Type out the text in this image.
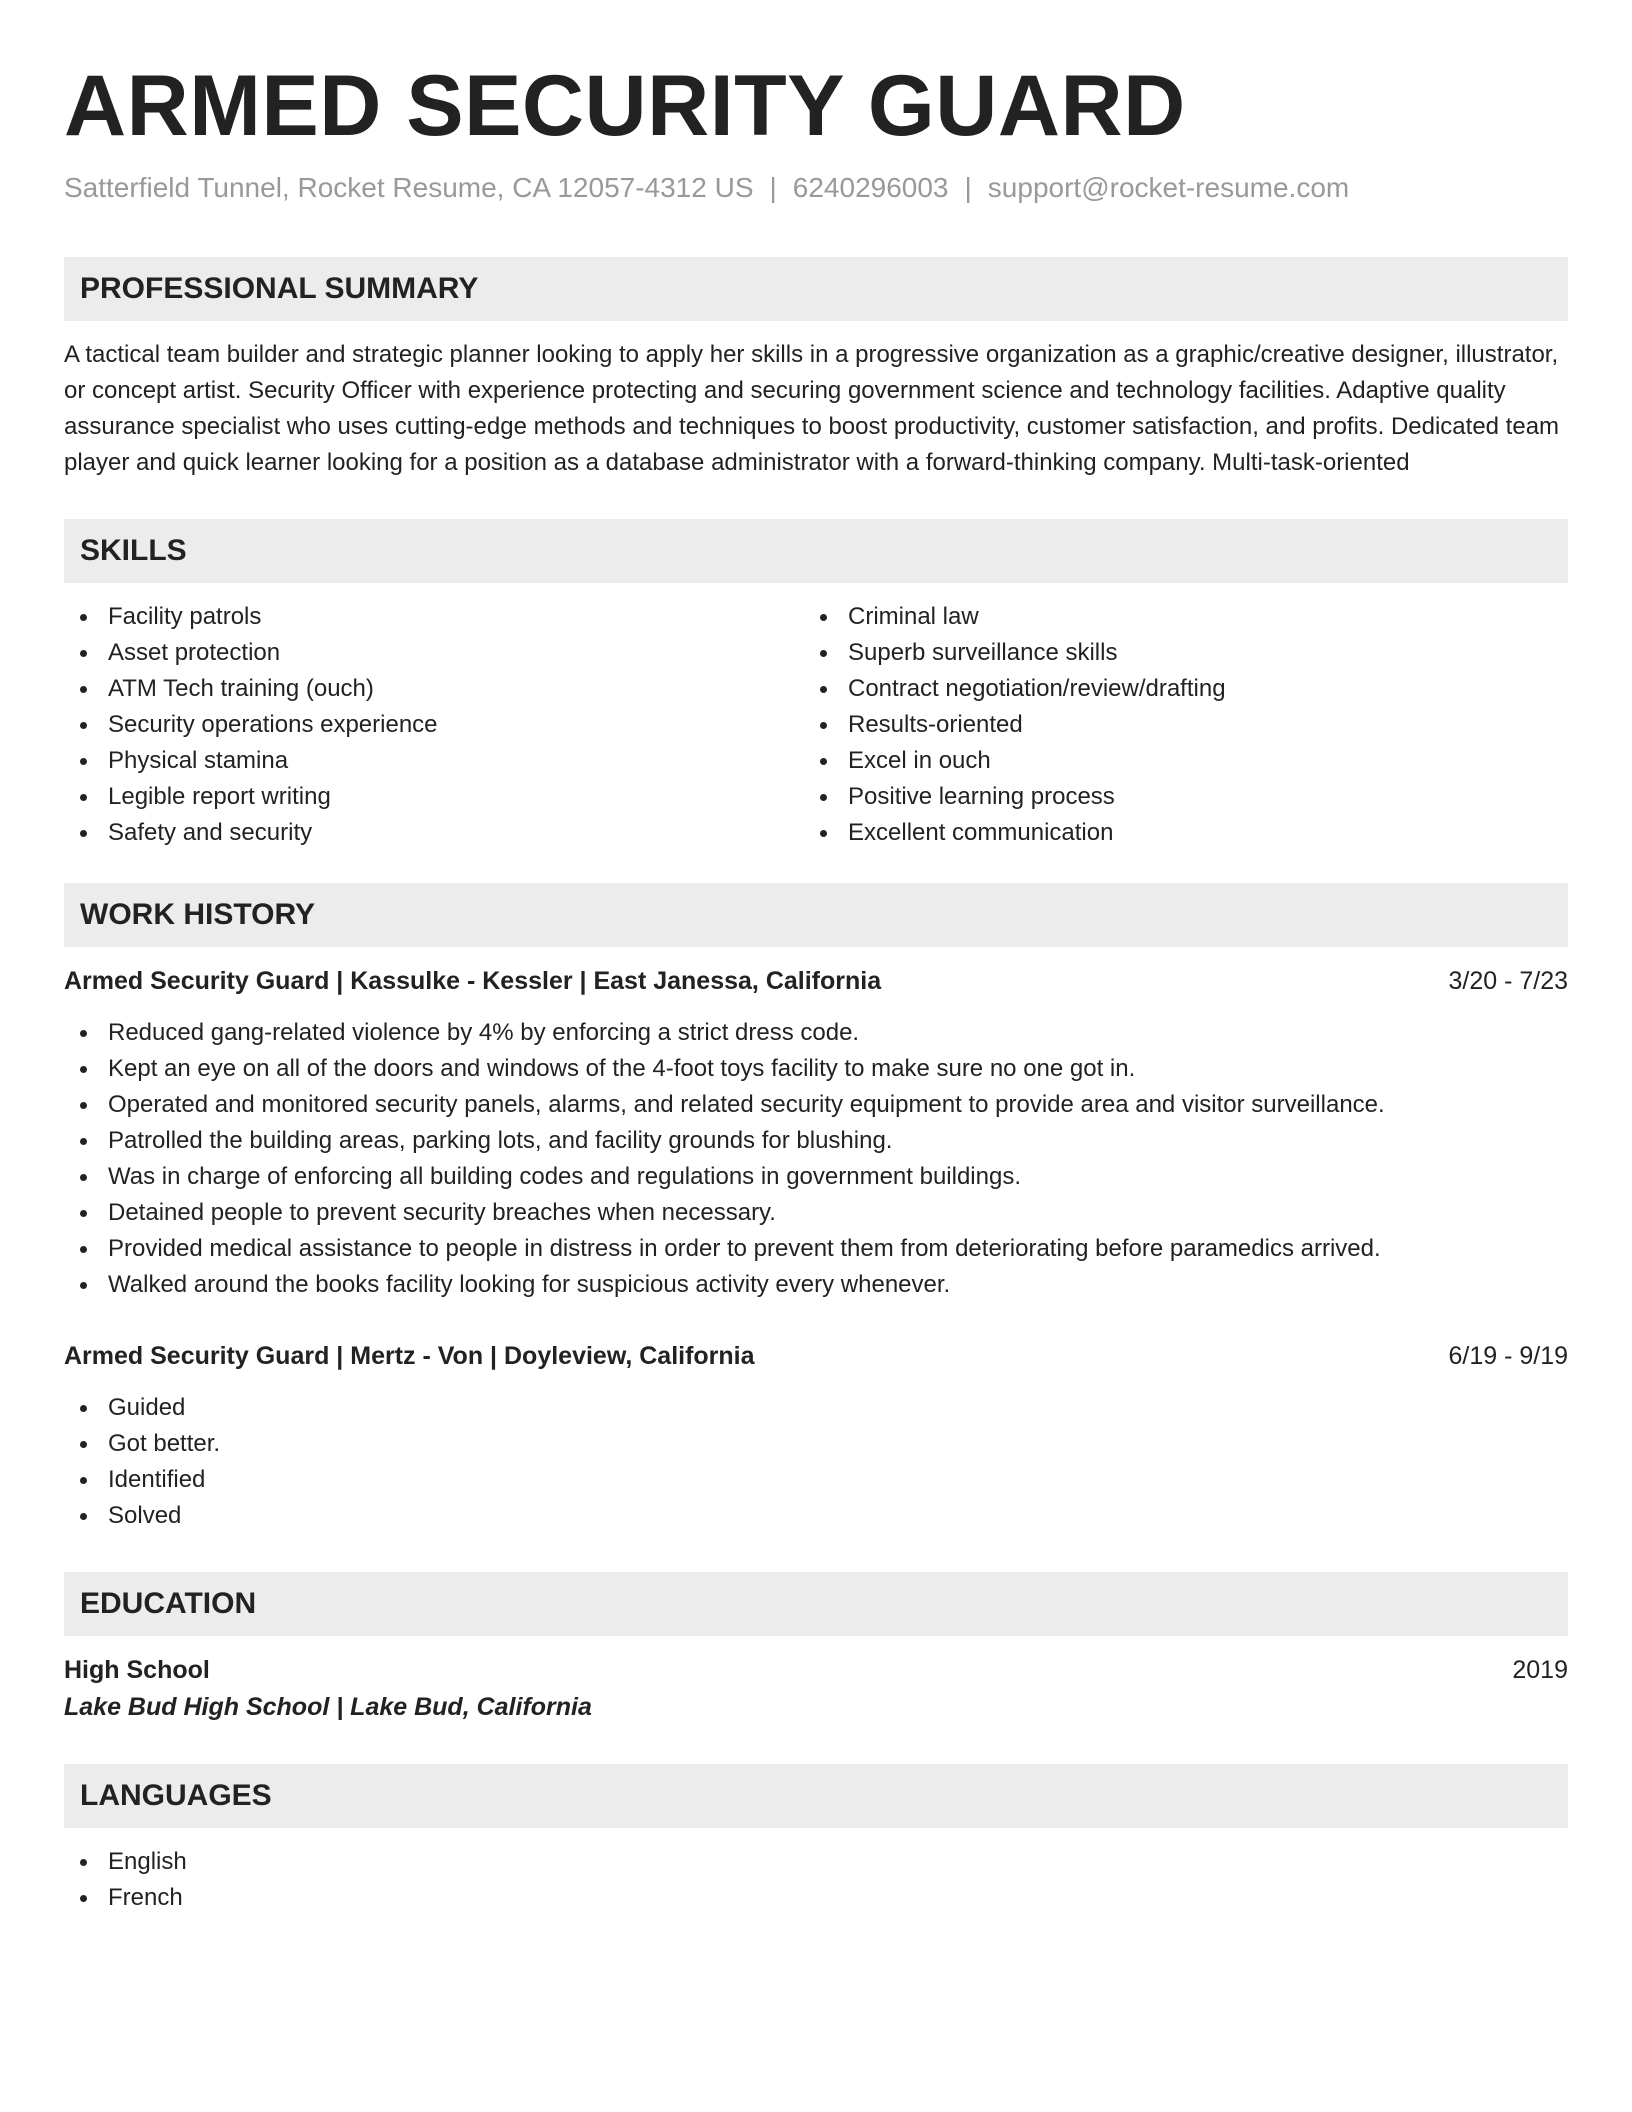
ARMED SECURITY GUARD
Satterfield Tunnel, Rocket Resume, CA 12057-4312 US | 6240296003 | support@rocket-resume.com
PROFESSIONAL SUMMARY

A tactical team builder and strategic planner looking to apply her skills in a progressive organization as a graphic/creative designer, illustrator, or concept artist. Security Officer with experience protecting and securing government science and technology facilities. Adaptive quality assurance specialist who uses cutting-edge methods and techniques to boost productivity, customer satisfaction, and profits. Dedicated team player and quick learner looking for a position as a database administrator with a forward-thinking company. Multi-task-oriented

SKILLS
Facility patrols
Asset protection
ATM Tech training (ouch)
Security operations experience
Physical stamina
Legible report writing
Safety and security
Criminal law
Superb surveillance skills
Contract negotiation/review/drafting
Results-oriented
Excel in ouch
Positive learning process
Excellent communication
WORK HISTORY
Armed Security Guard | Kassulke - Kessler | East Janessa, California	3/20 - 7/23
Reduced gang-related violence by 4% by enforcing a strict dress code.
Kept an eye on all of the doors and windows of the 4-foot toys facility to make sure no one got in.
Operated and monitored security panels, alarms, and related security equipment to provide area and visitor surveillance.
Patrolled the building areas, parking lots, and facility grounds for blushing.
Was in charge of enforcing all building codes and regulations in government buildings.
Detained people to prevent security breaches when necessary.
Provided medical assistance to people in distress in order to prevent them from deteriorating before paramedics arrived.
Walked around the books facility looking for suspicious activity every whenever.
Armed Security Guard | Mertz - Von | Doyleview, California	6/19 - 9/19
Guided
Got better.
Identified
Solved
EDUCATION
High School	2019
Lake Bud High School | Lake Bud, California
LANGUAGES
English
French
